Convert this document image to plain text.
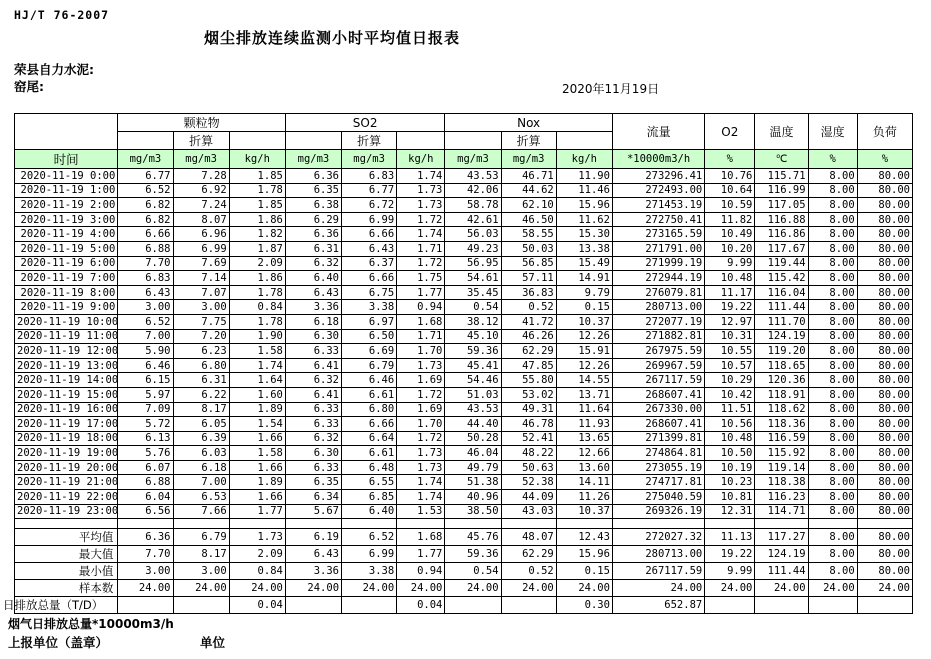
HJ/T 76-2007
烟尘排放连续监测小时平均值日报表
荣县自力水泥:
窑尾:	2020年11月19日
	颗粒物			SO2			Nox			流量	O2	温度	湿度	负荷
		折算			折算			折算						
时间	mg/m3	mg/m3	kg/h	mg/m3	mg/m3	kg/h	mg/m3	mg/m3	kg/h	*10000m3/h	%	℃	%	%
2020-11-19 0:00	6.77	7.28	1.85	6.36	6.83	1.74	43.53	46.71	11.90	273296.41	10.76	115.71	8.00	80.00
2020-11-19 1:00	6.52	6.92	1.78	6.35	6.77	1.73	42.06	44.62	11.46	272493.00	10.64	116.99	8.00	80.00
2020-11-19 2:00	6.82	7.24	1.85	6.38	6.72	1.73	58.78	62.10	15.96	271453.19	10.59	117.05	8.00	80.00
2020-11-19 3:00	6.82	8.07	1.86	6.29	6.99	1.72	42.61	46.50	11.62	272750.41	11.82	116.88	8.00	80.00
2020-11-19 4:00	6.66	6.96	1.82	6.36	6.66	1.74	56.03	58.55	15.30	273165.59	10.49	116.86	8.00	80.00
2020-11-19 5:00	6.88	6.99	1.87	6.31	6.43	1.71	49.23	50.03	13.38	271791.00	10.20	117.67	8.00	80.00
2020-11-19 6:00	7.70	7.69	2.09	6.32	6.37	1.72	56.95	56.85	15.49	271999.19	9.99	119.44	8.00	80.00
2020-11-19 7:00	6.83	7.14	1.86	6.40	6.66	1.75	54.61	57.11	14.91	272944.19	10.48	115.42	8.00	80.00
2020-11-19 8:00	6.43	7.07	1.78	6.43	6.75	1.77	35.45	36.83	9.79	276079.81	11.17	116.04	8.00	80.00
2020-11-19 9:00	3.00	3.00	0.84	3.36	3.38	0.94	0.54	0.52	0.15	280713.00	19.22	111.44	8.00	80.00
2020-11-19 10:00	6.52	7.75	1.78	6.18	6.97	1.68	38.12	41.72	10.37	272077.19	12.97	111.70	8.00	80.00
2020-11-19 11:00	7.00	7.20	1.90	6.30	6.50	1.71	45.10	46.26	12.26	271882.81	10.31	124.19	8.00	80.00
2020-11-19 12:00	5.90	6.23	1.58	6.33	6.69	1.70	59.36	62.29	15.91	267975.59	10.55	119.20	8.00	80.00
2020-11-19 13:00	6.46	6.80	1.74	6.41	6.79	1.73	45.41	47.85	12.26	269967.59	10.57	118.65	8.00	80.00
2020-11-19 14:00	6.15	6.31	1.64	6.32	6.46	1.69	54.46	55.80	14.55	267117.59	10.29	120.36	8.00	80.00
2020-11-19 15:00	5.97	6.22	1.60	6.41	6.61	1.72	51.03	53.02	13.71	268607.41	10.42	118.91	8.00	80.00
2020-11-19 16:00	7.09	8.17	1.89	6.33	6.80	1.69	43.53	49.31	11.64	267330.00	11.51	118.62	8.00	80.00
2020-11-19 17:00	5.72	6.05	1.54	6.33	6.66	1.70	44.40	46.78	11.93	268607.41	10.56	118.36	8.00	80.00
2020-11-19 18:00	6.13	6.39	1.66	6.32	6.64	1.72	50.28	52.41	13.65	271399.81	10.48	116.59	8.00	80.00
2020-11-19 19:00	5.76	6.03	1.58	6.30	6.61	1.73	46.04	48.22	12.66	274864.81	10.50	115.92	8.00	80.00
2020-11-19 20:00	6.07	6.18	1.66	6.33	6.48	1.73	49.79	50.63	13.60	273055.19	10.19	119.14	8.00	80.00
2020-11-19 21:00	6.88	7.00	1.89	6.35	6.55	1.74	51.38	52.38	14.11	274717.81	10.23	118.38	8.00	80.00
2020-11-19 22:00	6.04	6.53	1.66	6.34	6.85	1.74	40.96	44.09	11.26	275040.59	10.81	116.23	8.00	80.00
2020-11-19 23:00	6.56	7.66	1.77	5.67	6.40	1.53	38.50	43.03	10.37	269326.19	12.31	114.71	8.00	80.00

平均值	6.36	6.79	1.73	6.19	6.52	1.68	45.76	48.07	12.43	272027.32	11.13	117.27	8.00	80.00
最大值	7.70	8.17	2.09	6.43	6.99	1.77	59.36	62.29	15.96	280713.00	19.22	124.19	8.00	80.00
最小值	3.00	3.00	0.84	3.36	3.38	0.94	0.54	0.52	0.15	267117.59	9.99	111.44	8.00	80.00
样本数	24.00	24.00	24.00	24.00	24.00	24.00	24.00	24.00	24.00	24.00	24.00	24.00	24.00	24.00
日排放总量（T/D）			0.04			0.04			0.30	652.87				
烟气日排放总量*10000m3/h
上报单位（盖章）	单位
